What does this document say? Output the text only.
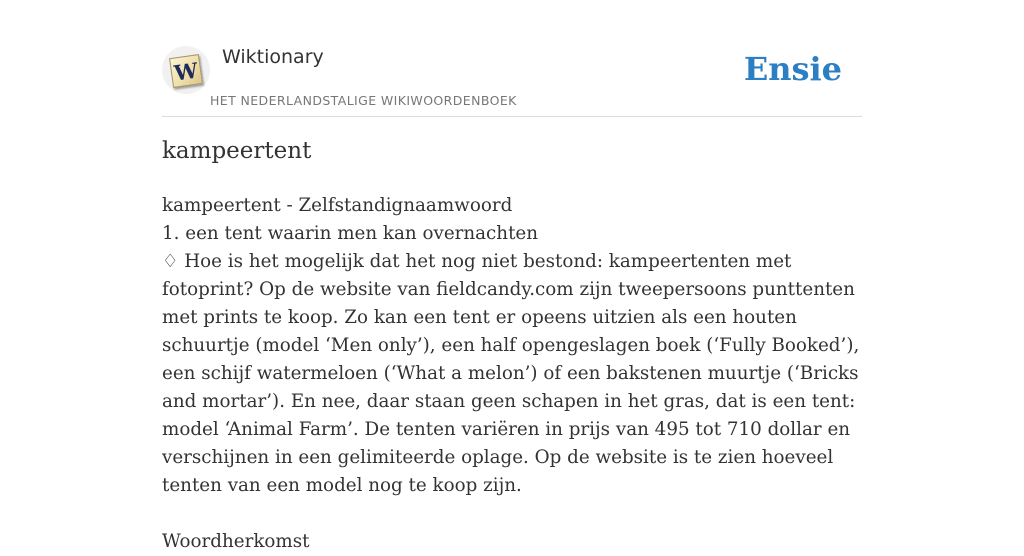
W Wiktionary
HET NEDERLANDSTALIGE WIKIWOORDENBOEK
Ensie
kampeertent

kampeertent - Zelfstandignaamwoord

1. een tent waarin men kan overnachten

♢ Hoe is het mogelijk dat het nog niet bestond: kampeertenten met fotoprint? Op de website van fieldcandy.com zijn tweepersoons punttenten met prints te koop. Zo kan een tent er opeens uitzien als een houten schuurtje (model ‘Men only’), een half opengeslagen boek (‘Fully Booked’), een schijf watermeloen (‘What a melon’) of een bakstenen muurtje (‘Bricks and mortar’). En nee, daar staan geen schapen in het gras, dat is een tent: model ‘Animal Farm’. De tenten variëren in prijs van 495 tot 710 dollar en verschijnen in een gelimiteerde oplage. Op de website is te zien hoeveel tenten van een model nog te koop zijn.

Woordherkomst
